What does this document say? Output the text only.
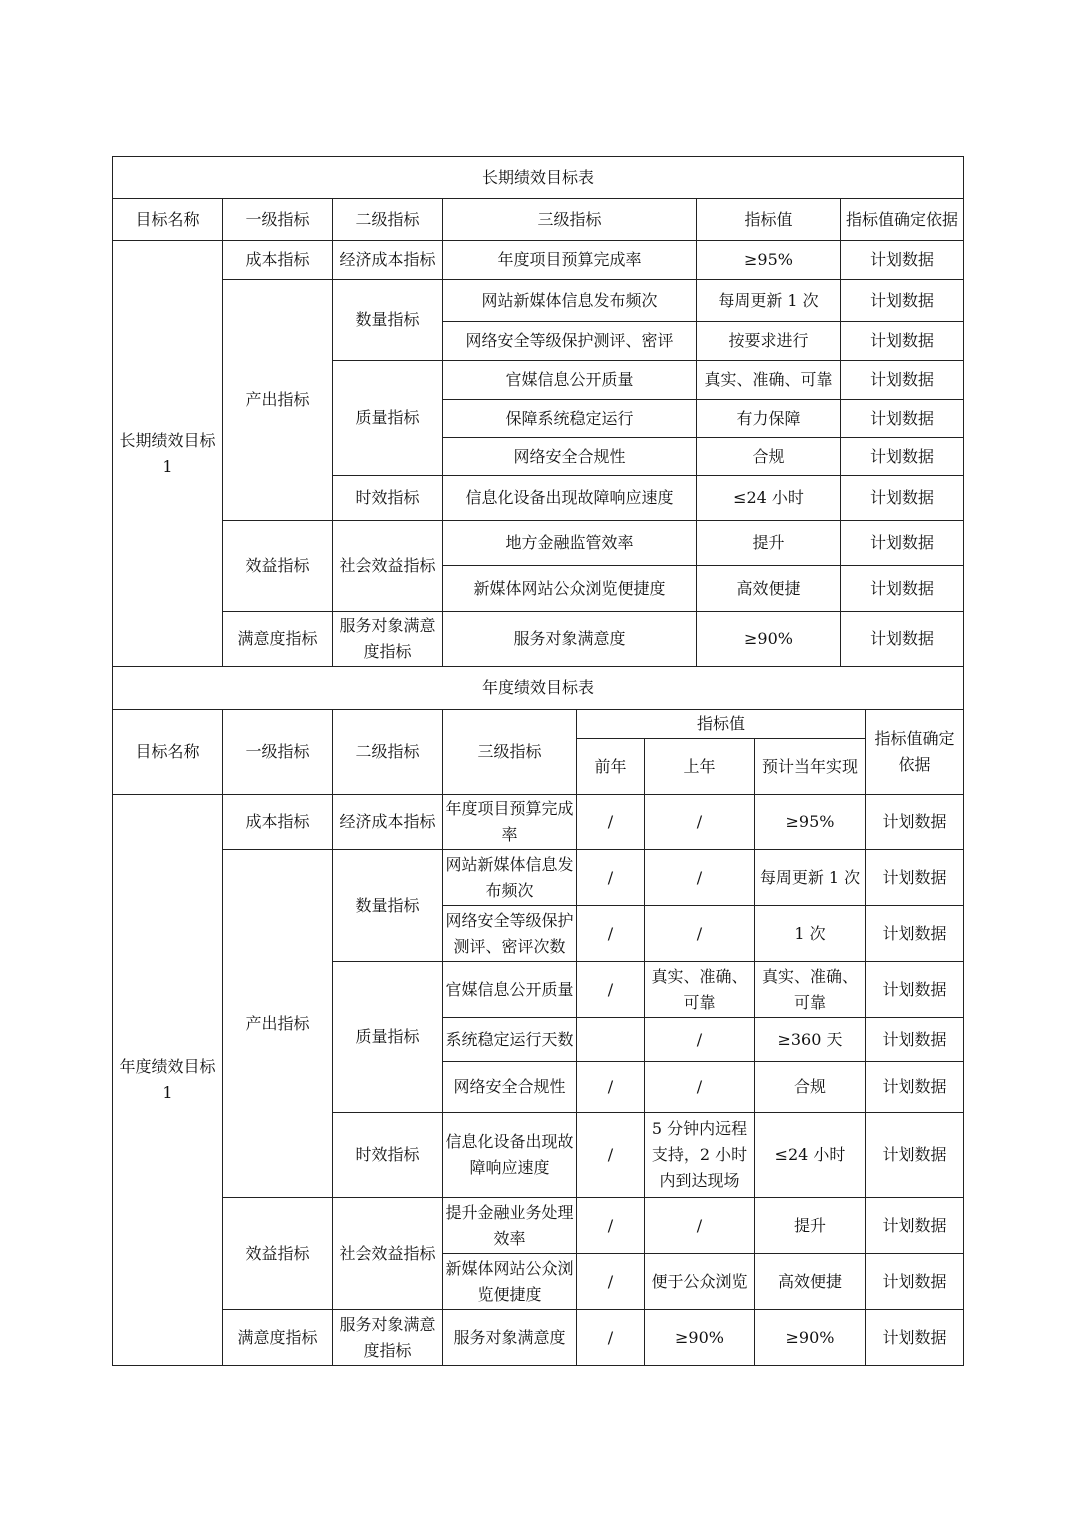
长期绩效目标表					
目标名称	一级指标	二级指标	三级指标	指标值	指标值确定依据
长期绩效目标1	成本指标	经济成本指标	年度项目预算完成率	≥95%	计划数据
	产出指标	数量指标	网站新媒体信息发布频次	每周更新 1 次	计划数据
			网络安全等级保护测评、密评	按要求进行	计划数据
		质量指标	官媒信息公开质量	真实、准确、可靠	计划数据
			保障系统稳定运行	有力保障	计划数据
			网络安全合规性	合规	计划数据
		时效指标	信息化设备出现故障响应速度	≤24 小时	计划数据
	效益指标	社会效益指标	地方金融监管效率	提升	计划数据
			新媒体网站公众浏览便捷度	高效便捷	计划数据
	满意度指标	服务对象满意度指标	服务对象满意度	≥90%	计划数据
年度绩效目标表							
目标名称	一级指标	二级指标	三级指标	指标值			指标值确定依据
				前年	上年	预计当年实现	
年度绩效目标1	成本指标	经济成本指标	年度项目预算完成率	/	/	≥95%	计划数据
	产出指标	数量指标	网站新媒体信息发布频次	/	/	每周更新 1 次	计划数据
			网络安全等级保护测评、密评次数	/	/	1 次	计划数据
		质量指标	官媒信息公开质量	/	真实、准确、可靠	真实、准确、可靠	计划数据
			系统稳定运行天数		/	≥360 天	计划数据
			网络安全合规性	/	/	合规	计划数据
		时效指标	信息化设备出现故障响应速度	/	5 分钟内远程支持，2 小时内到达现场	≤24 小时	计划数据
	效益指标	社会效益指标	提升金融业务处理效率	/	/	提升	计划数据
			新媒体网站公众浏览便捷度	/	便于公众浏览	高效便捷	计划数据
	满意度指标	服务对象满意度指标	服务对象满意度	/	≥90%	≥90%	计划数据
